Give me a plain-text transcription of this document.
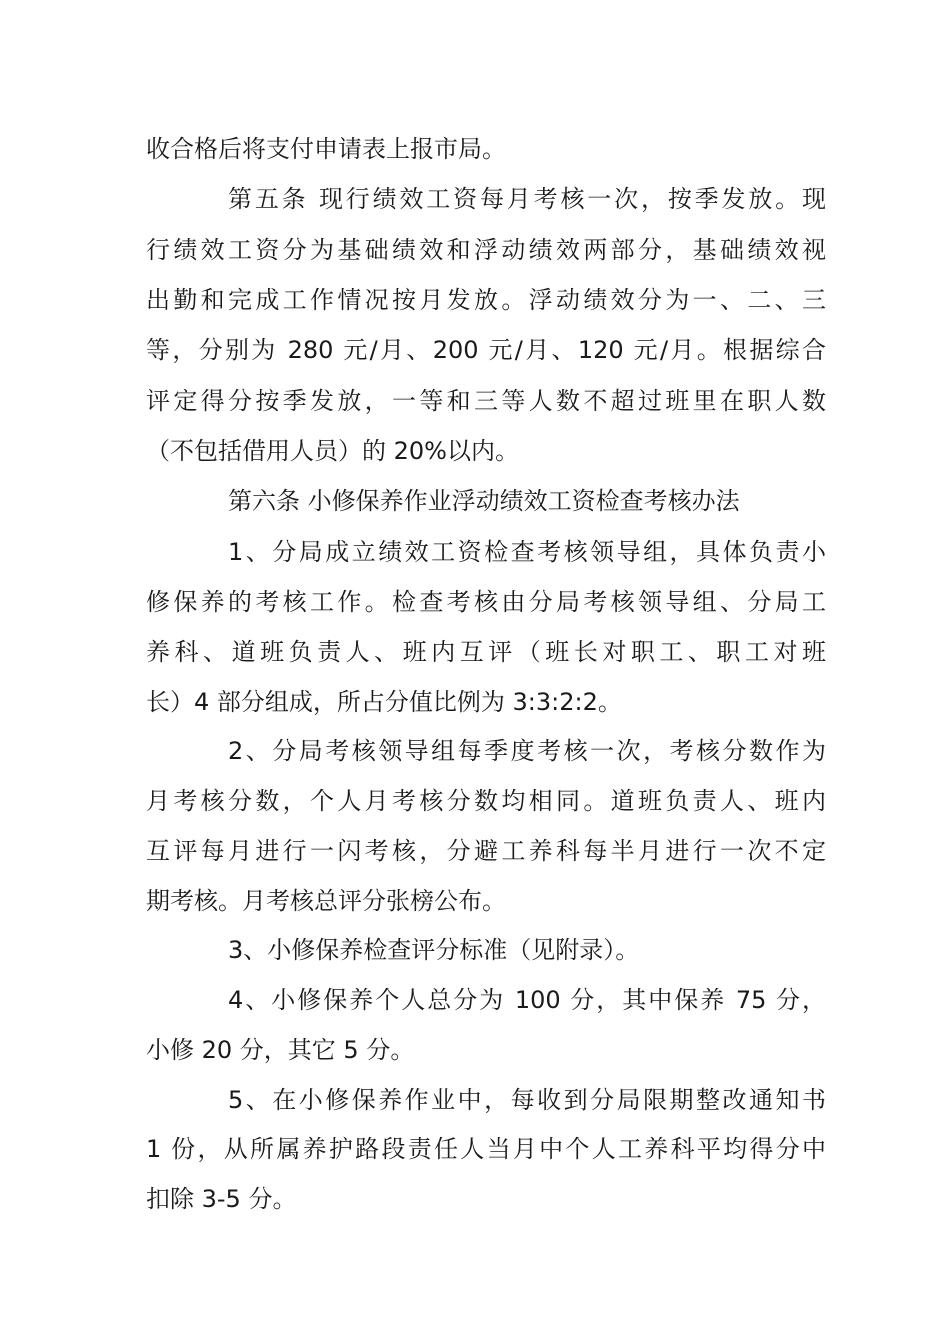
收合格后将支付申请表上报市局。
第五条 现行绩效工资每月考核一次，按季发放。现
行绩效工资分为基础绩效和浮动绩效两部分，基础绩效视
出勤和完成工作情况按月发放。浮动绩效分为一、二、三
等，分别为 280 元/月、200 元/月、120 元/月。根据综合
评定得分按季发放，一等和三等人数不超过班里在职人数
（不包括借用人员）的 20%以内。
第六条 小修保养作业浮动绩效工资检查考核办法
1、分局成立绩效工资检查考核领导组，具体负责小
修保养的考核工作。检查考核由分局考核领导组、分局工
养科、道班负责人、班内互评（班长对职工、职工对班
长）4 部分组成，所占分值比例为 3:3:2:2。
2、分局考核领导组每季度考核一次，考核分数作为
月考核分数，个人月考核分数均相同。道班负责人、班内
互评每月进行一闪考核，分避工养科每半月进行一次不定
期考核。月考核总评分张榜公布。
3、小修保养检查评分标准（见附录）。
4、小修保养个人总分为 100 分，其中保养 75 分，
小修 20 分，其它 5 分。
5、在小修保养作业中，每收到分局限期整改通知书
1 份，从所属养护路段责任人当月中个人工养科平均得分中
扣除 3-5 分。
